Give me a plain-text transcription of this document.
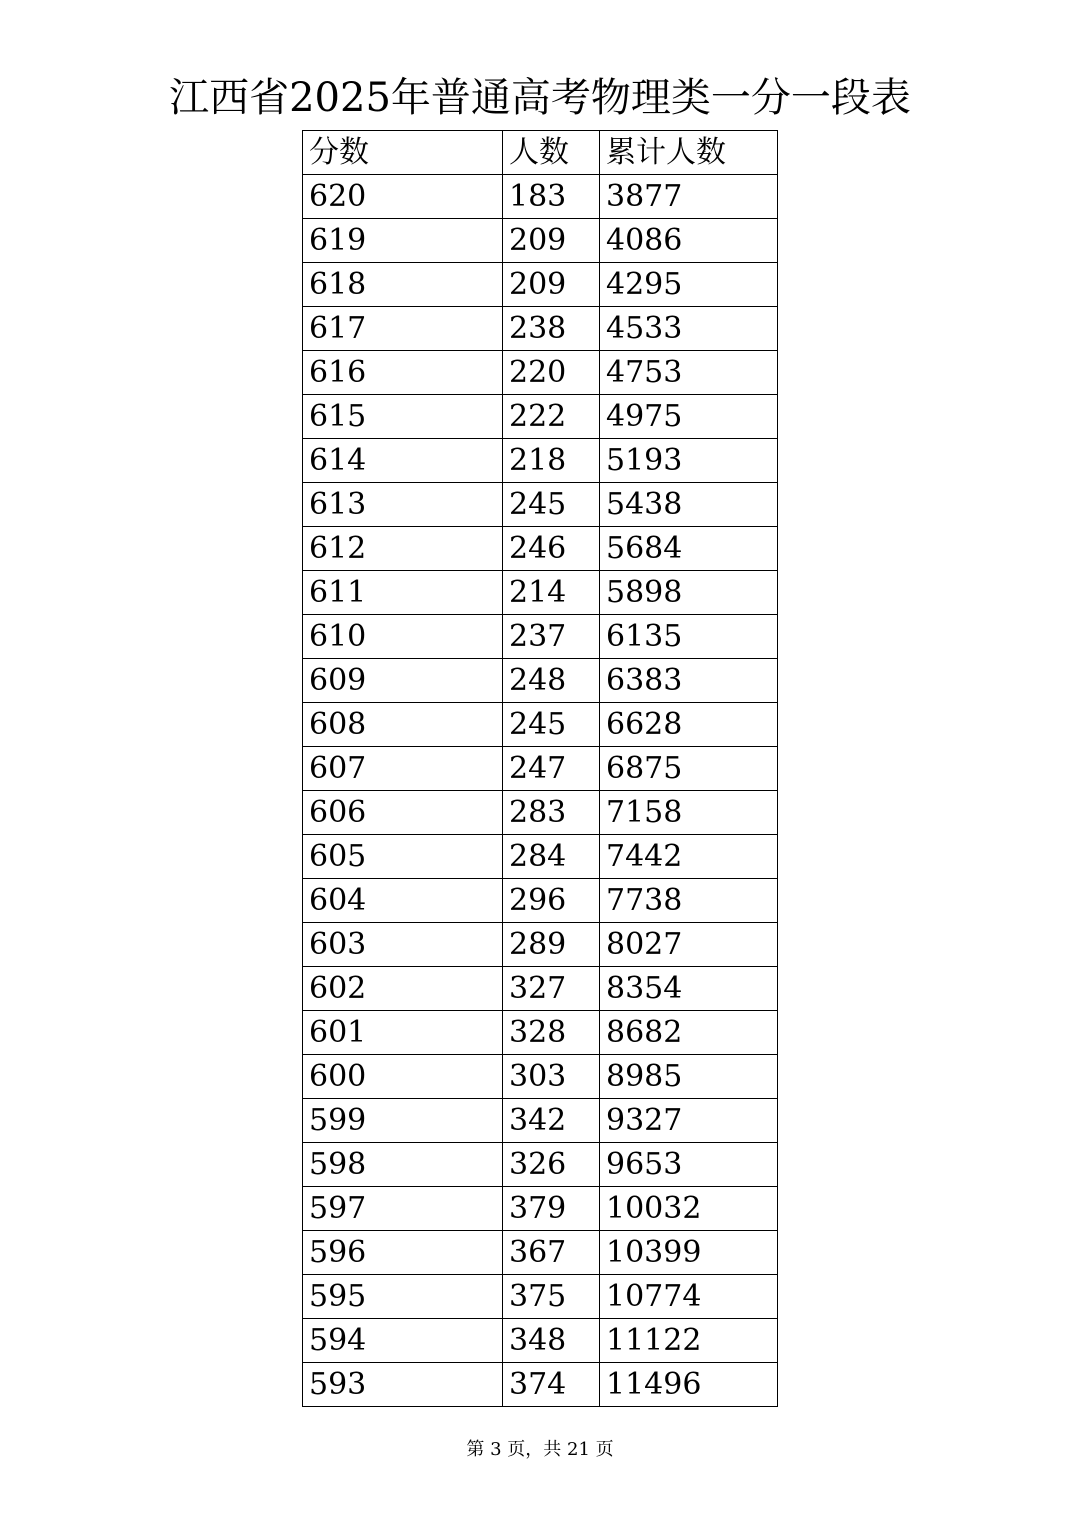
江西省2025年普通高考物理类一分一段表
分数	人数	累计人数
620	183	3877
619	209	4086
618	209	4295
617	238	4533
616	220	4753
615	222	4975
614	218	5193
613	245	5438
612	246	5684
611	214	5898
610	237	6135
609	248	6383
608	245	6628
607	247	6875
606	283	7158
605	284	7442
604	296	7738
603	289	8027
602	327	8354
601	328	8682
600	303	8985
599	342	9327
598	326	9653
597	379	10032
596	367	10399
595	375	10774
594	348	11122
593	374	11496
第 3 页，共 21 页
